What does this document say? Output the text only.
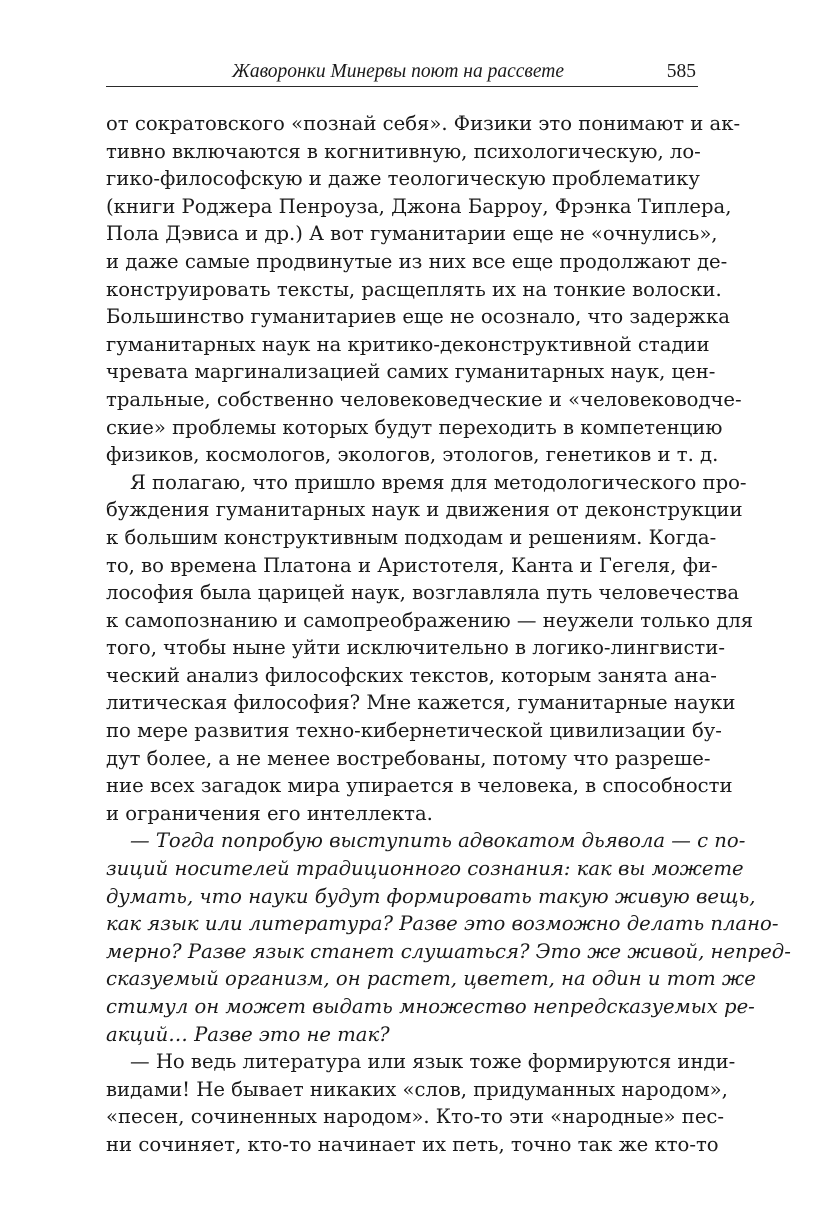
Жаворонки Минервы поют на рассвете	585
от сократовского «познай себя». Физики это понимают и ак-
тивно включаются в когнитивную, психологическую, ло-
гико-философскую и даже теологическую проблематику
(книги Роджера Пенроуза, Джона Барроу, Фрэнка Типлера,
Пола Дэвиса и др.) А вот гуманитарии еще не «очнулись»,
и даже самые продвинутые из них все еще продолжают де-
конструировать тексты, расщеплять их на тонкие волоски.
Большинство гуманитариев еще не осознало, что задержка
гуманитарных наук на критико-деконструктивной стадии
чревата маргинализацией самих гуманитарных наук, цен-
тральные, собственно человековедческие и «человеководче-
ские» проблемы которых будут переходить в компетенцию
физиков, космологов, экологов, этологов, генетиков и т. д.
Я полагаю, что пришло время для методологического про-
буждения гуманитарных наук и движения от деконструкции
к большим конструктивным подходам и решениям. Когда-
то, во времена Платона и Аристотеля, Канта и Гегеля, фи-
лософия была царицей наук, возглавляла путь человечества
к самопознанию и самопреображению — неужели только для
того, чтобы ныне уйти исключительно в логико-лингвисти-
ческий анализ философских текстов, которым занята ана-
литическая философия? Мне кажется, гуманитарные науки
по мере развития техно-кибернетической цивилизации бу-
дут более, а не менее востребованы, потому что разреше-
ние всех загадок мира упирается в человека, в способности
и ограничения его интеллекта.
— Тогда попробую выступить адвокатом дьявола — с по-
зиций носителей традиционного сознания: как вы можете
думать, что науки будут формировать такую живую вещь,
как язык или литература? Разве это возможно делать плано-
мерно? Разве язык станет слушаться? Это же живой, непред-
сказуемый организм, он растет, цветет, на один и тот же
стимул он может выдать множество непредсказуемых ре-
акций… Разве это не так?
— Но ведь литература или язык тоже формируются инди-
видами! Не бывает никаких «слов, придуманных народом»,
«песен, сочиненных народом». Кто-то эти «народные» пес-
ни сочиняет, кто-то начинает их петь, точно так же кто-то
